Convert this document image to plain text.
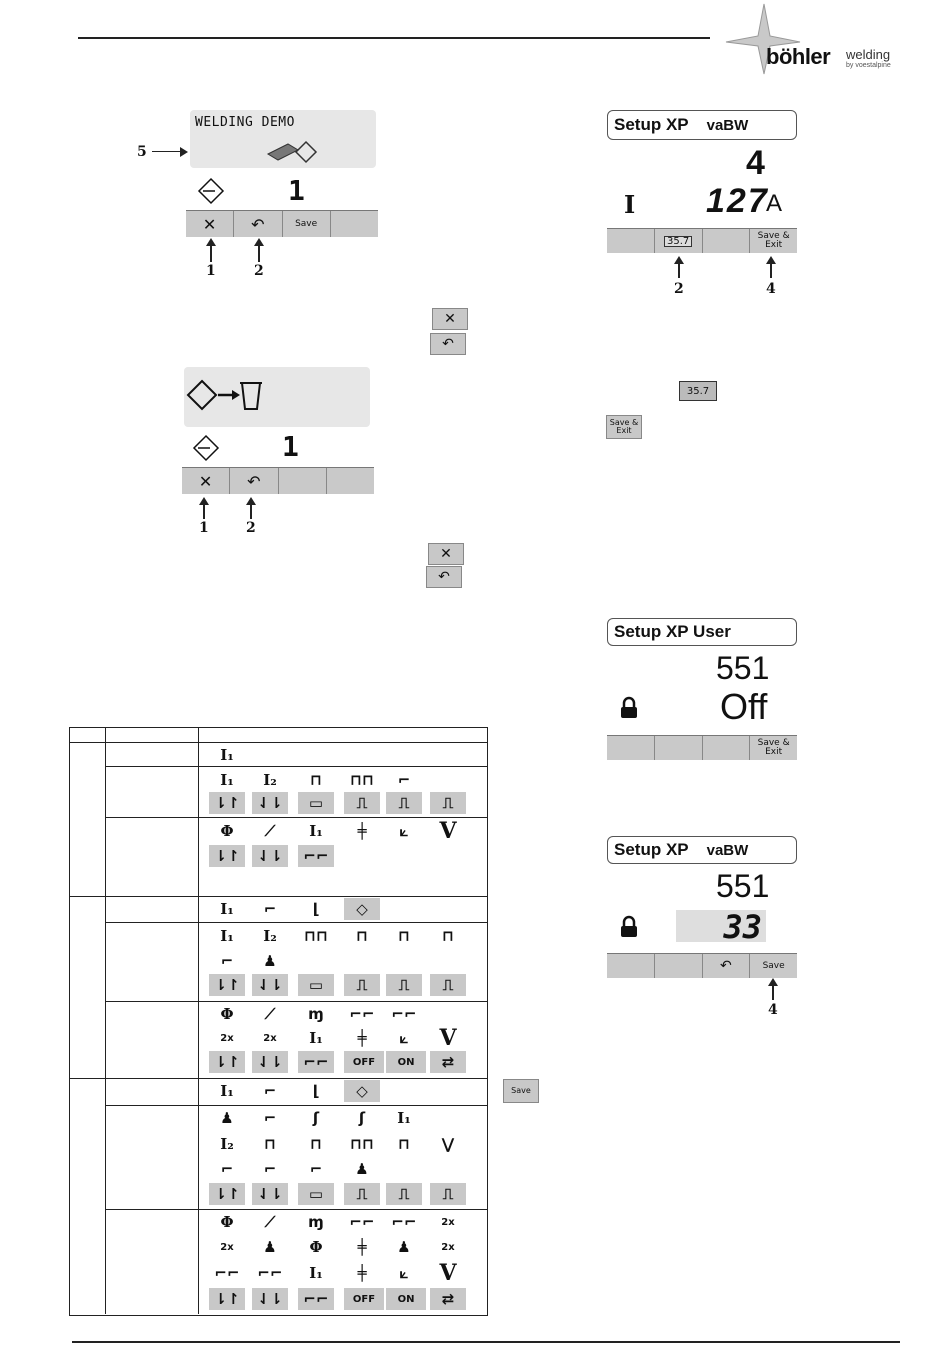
böhler welding
by voestalpine
WELDING DEMO
5
1
✕ ↶	Save
1	2
✕
↶
1
✕ ↶
1	2
✕
↶
Setup XP vaBW
4
I 127
A
35.7	Save & Exit
2	4
35.7
Save & Exit
Setup XP User
551
Off
Save & Exit
Setup XP vaBW
551
33
↶	Save
4
Save
I₁
I₁	I₂	⊓	⊓⊓	⌐
⇂↾	⇃⇂	▭	⎍	⎍	⎍
Φ	⟋	I₁	╪	⟀	V
⇂↾	⇃⇂	⌐⌐
I₁	⌐	⌊	◇
I₁	I₂	⊓⊓	⊓	⊓	⊓
⌐	♟
⇂↾	⇃⇂	▭	⎍	⎍	⎍
Φ	⟋	ɱ	⌐⌐	⌐⌐
2x	2x	I₁	╪	⟀	V
⇂↾	⇃⇂	⌐⌐	OFF	ON	⇄
I₁	⌐	⌊	◇
♟	⌐	ʃ	ʃ	I₁
I₂	⊓	⊓	⊓⊓	⊓	⋁
⌐	⌐	⌐	♟
⇂↾	⇃⇂	▭	⎍	⎍	⎍
Φ	⟋	ɱ	⌐⌐	⌐⌐	2x
2x	♟	Φ	╪	♟	2x
⌐⌐	⌐⌐	I₁	╪	⟀	V
⇂↾	⇃⇂	⌐⌐	OFF	ON	⇄
